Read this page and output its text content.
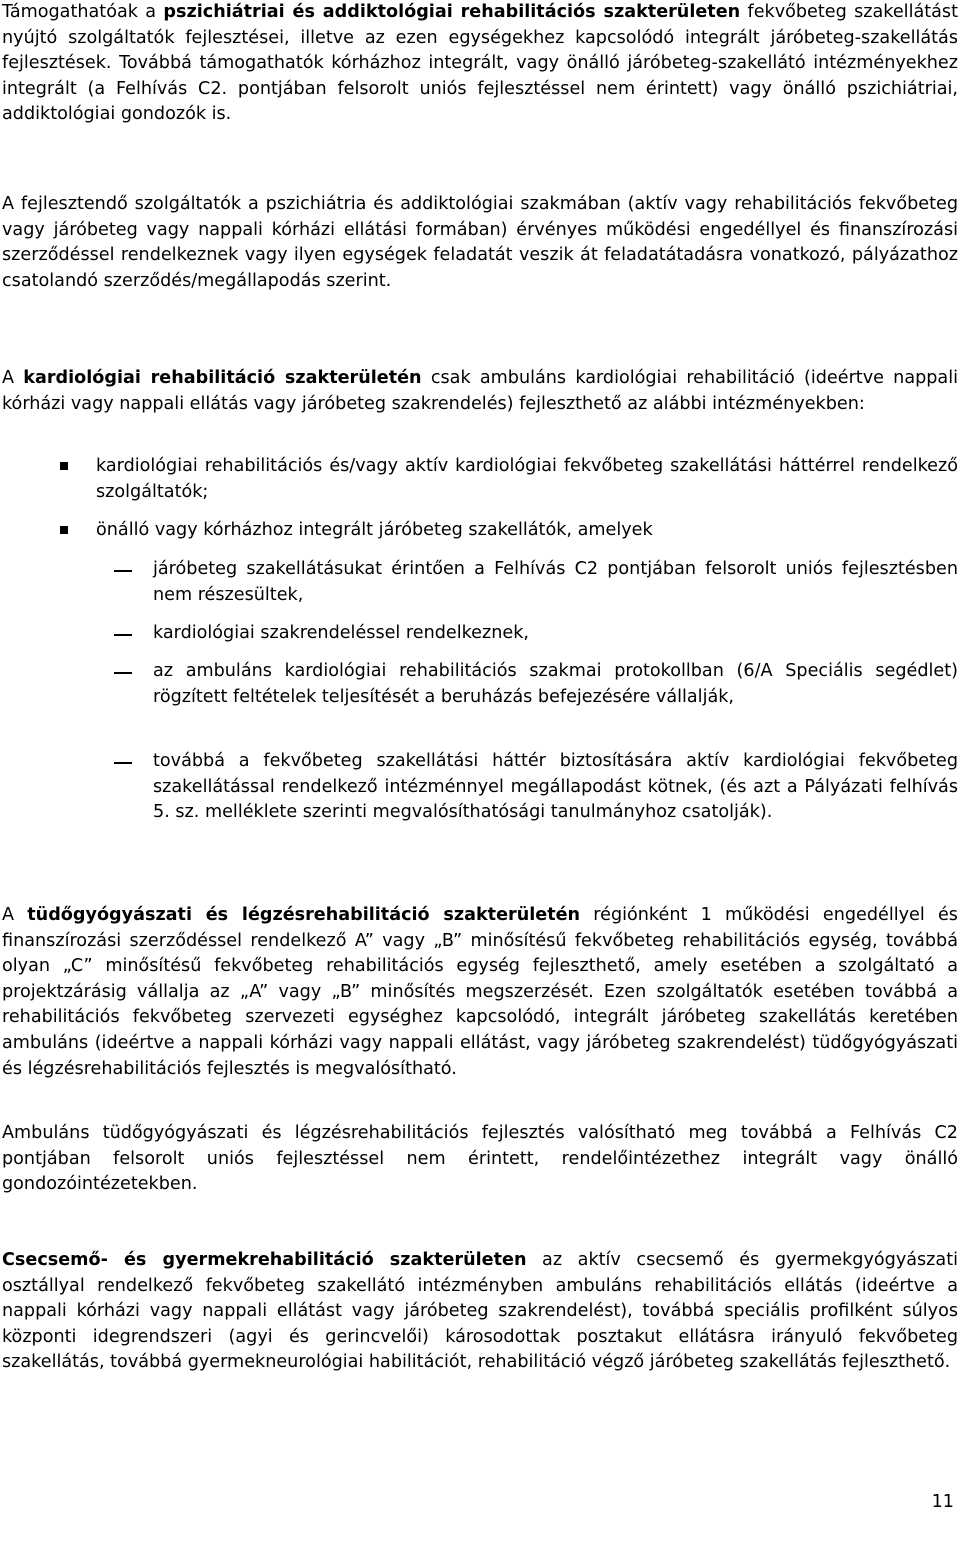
Támogathatóak a pszichiátriai és addiktológiai rehabilitációs szakterületen fekvőbeteg szakellátást nyújtó szolgáltatók fejlesztései, illetve az ezen egységekhez kapcsolódó integrált járóbeteg-szakellátás fejlesztések. Továbbá támogathatók kórházhoz integrált, vagy önálló járóbeteg-szakellátó intézményekhez integrált (a Felhívás C2. pontjában felsorolt uniós fejlesztéssel nem érintett) vagy önálló pszichiátriai, addiktológiai gondozók is.

A fejlesztendő szolgáltatók a pszichiátria és addiktológiai szakmában (aktív vagy rehabilitációs fekvőbeteg vagy járóbeteg vagy nappali kórházi ellátási formában) érvényes működési engedéllyel és finanszírozási szerződéssel rendelkeznek vagy ilyen egységek feladatát veszik át feladatátadásra vonatkozó, pályázathoz csatolandó szerződés/megállapodás szerint.

A kardiológiai rehabilitáció szakterületén csak ambuláns kardiológiai rehabilitáció (ideértve nappali kórházi vagy nappali ellátás vagy járóbeteg szakrendelés) fejleszthető az alábbi intézményekben:

kardiológiai rehabilitációs és/vagy aktív kardiológiai fekvőbeteg szakellátási háttérrel rendelkező szolgáltatók;

önálló vagy kórházhoz integrált járóbeteg szakellátók, amelyek

járóbeteg szakellátásukat érintően a Felhívás C2 pontjában felsorolt uniós fejlesztésben nem részesültek,

kardiológiai szakrendeléssel rendelkeznek,

az ambuláns kardiológiai rehabilitációs szakmai protokollban (6/A Speciális segédlet) rögzített feltételek teljesítését a beruházás befejezésére vállalják,

továbbá a fekvőbeteg szakellátási háttér biztosítására aktív kardiológiai fekvőbeteg szakellátással rendelkező intézménnyel megállapodást kötnek, (és azt a Pályázati felhívás 5. sz. melléklete szerinti megvalósíthatósági tanulmányhoz csatolják).

A tüdőgyógyászati és légzésrehabilitáció szakterületén régiónként 1 működési engedéllyel és finanszírozási szerződéssel rendelkező A” vagy „B” minősítésű fekvőbeteg rehabilitációs egység, továbbá olyan „C” minősítésű fekvőbeteg rehabilitációs egység fejleszthető, amely esetében a szolgáltató a projektzárásig vállalja az „A” vagy „B” minősítés megszerzését. Ezen szolgáltatók esetében továbbá a rehabilitációs fekvőbeteg szervezeti egységhez kapcsolódó, integrált járóbeteg szakellátás keretében ambuláns (ideértve a nappali kórházi vagy nappali ellátást, vagy járóbeteg szakrendelést) tüdőgyógyászati és légzésrehabilitációs fejlesztés is megvalósítható.

Ambuláns tüdőgyógyászati és légzésrehabilitációs fejlesztés valósítható meg továbbá a Felhívás C2 pontjában felsorolt uniós fejlesztéssel nem érintett, rendelőintézethez integrált vagy önálló gondozóintézetekben.

Csecsemő- és gyermekrehabilitáció szakterületen az aktív csecsemő és gyermekgyógyászati osztállyal rendelkező fekvőbeteg szakellátó intézményben ambuláns rehabilitációs ellátás (ideértve a nappali kórházi vagy nappali ellátást vagy járóbeteg szakrendelést), továbbá speciális profilként súlyos központi idegrendszeri (agyi és gerincvelői) károsodottak posztakut ellátásra irányuló fekvőbeteg szakellátás, továbbá gyermekneurológiai habilitációt, rehabilitáció végző járóbeteg szakellátás fejleszthető.

11
